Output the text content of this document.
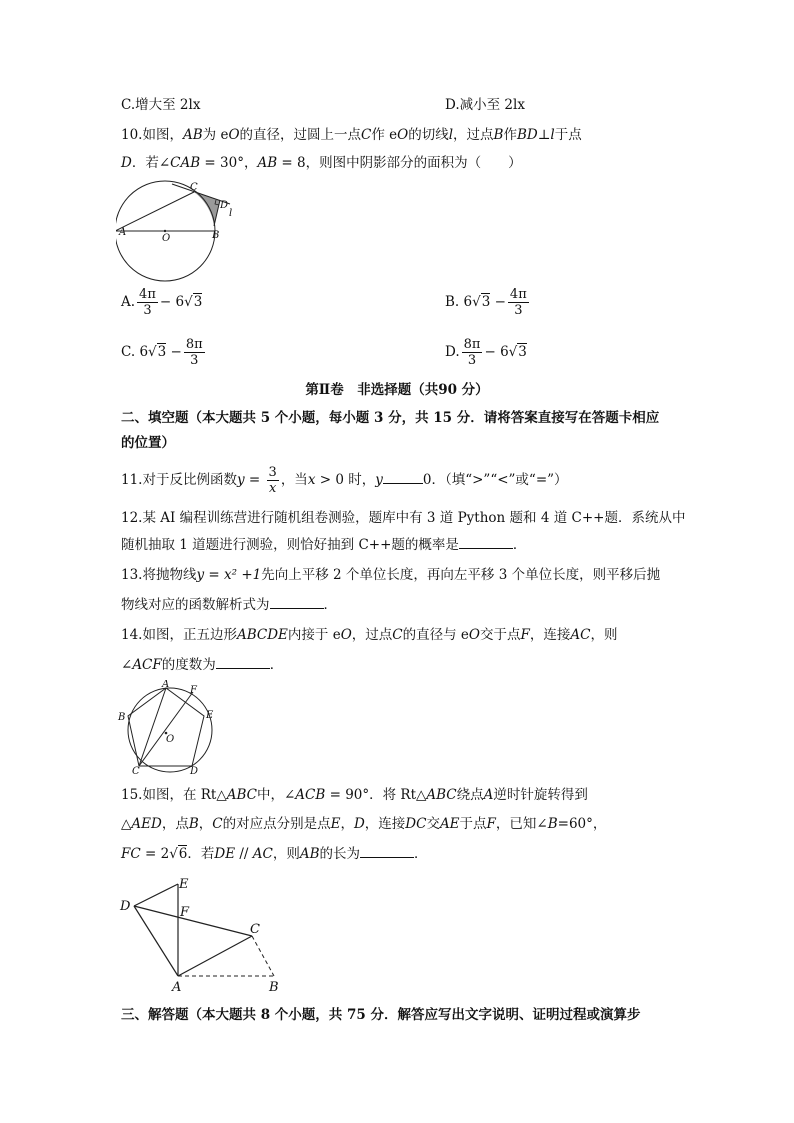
C.增大至 2lx	D.减小至 2lx
10.如图，AB为 eO的直径，过圆上一点C作 eO的切线l，过点B作BD⊥l于点
D．若∠CAB = 30°，AB = 8，则图中阴影部分的面积为（　　）
A	B
C
D
l
O
A. $\frac{4\pi}{3} - 6√3$	B. $6√3 - \frac{4\pi}{3}$
C. $6√3 - \frac{8\pi}{3}$	D. $\frac{8\pi}{3} - 6√3$
第Ⅱ卷　非选择题（共90 分）
二、填空题（本大题共 5 个小题，每小题 3 分，共 15 分．请将答案直接写在答题卡相应
的位置）
11.对于反比例函数$y = \frac{3}{x}$ ，当x > 0 时，y	0．（填“>”“<”或“=”）
12.某 AI 编程训练营进行随机组卷测验，题库中有 3 道 Python 题和 4 道 C++题．系统从中
随机抽取 1 道题进行测验，则恰好抽到 C++题的概率是	．
13.将抛物线y = x² +1先向上平移 2 个单位长度，再向左平移 3 个单位长度，则平移后抛
物线对应的函数解析式为	．
14.如图，正五边形ABCDE内接于 eO，过点C的直径与 eO交于点F，连接AC，则
∠ACF的度数为	．
A
B
C	D
E
F
O
15.如图，在 Rt△ABC中，∠ACB = 90°．将 Rt△ABC绕点A逆时针旋转得到
△AED，点B，C的对应点分别是点E，D，连接DC交AE于点F，已知∠B=60°，
FC = 2√6．若DE // AC，则AB的长为	．
A	B
C
D
E
F
三、解答题（本大题共 8 个小题，共 75 分．解答应写出文字说明、证明过程或演算步
